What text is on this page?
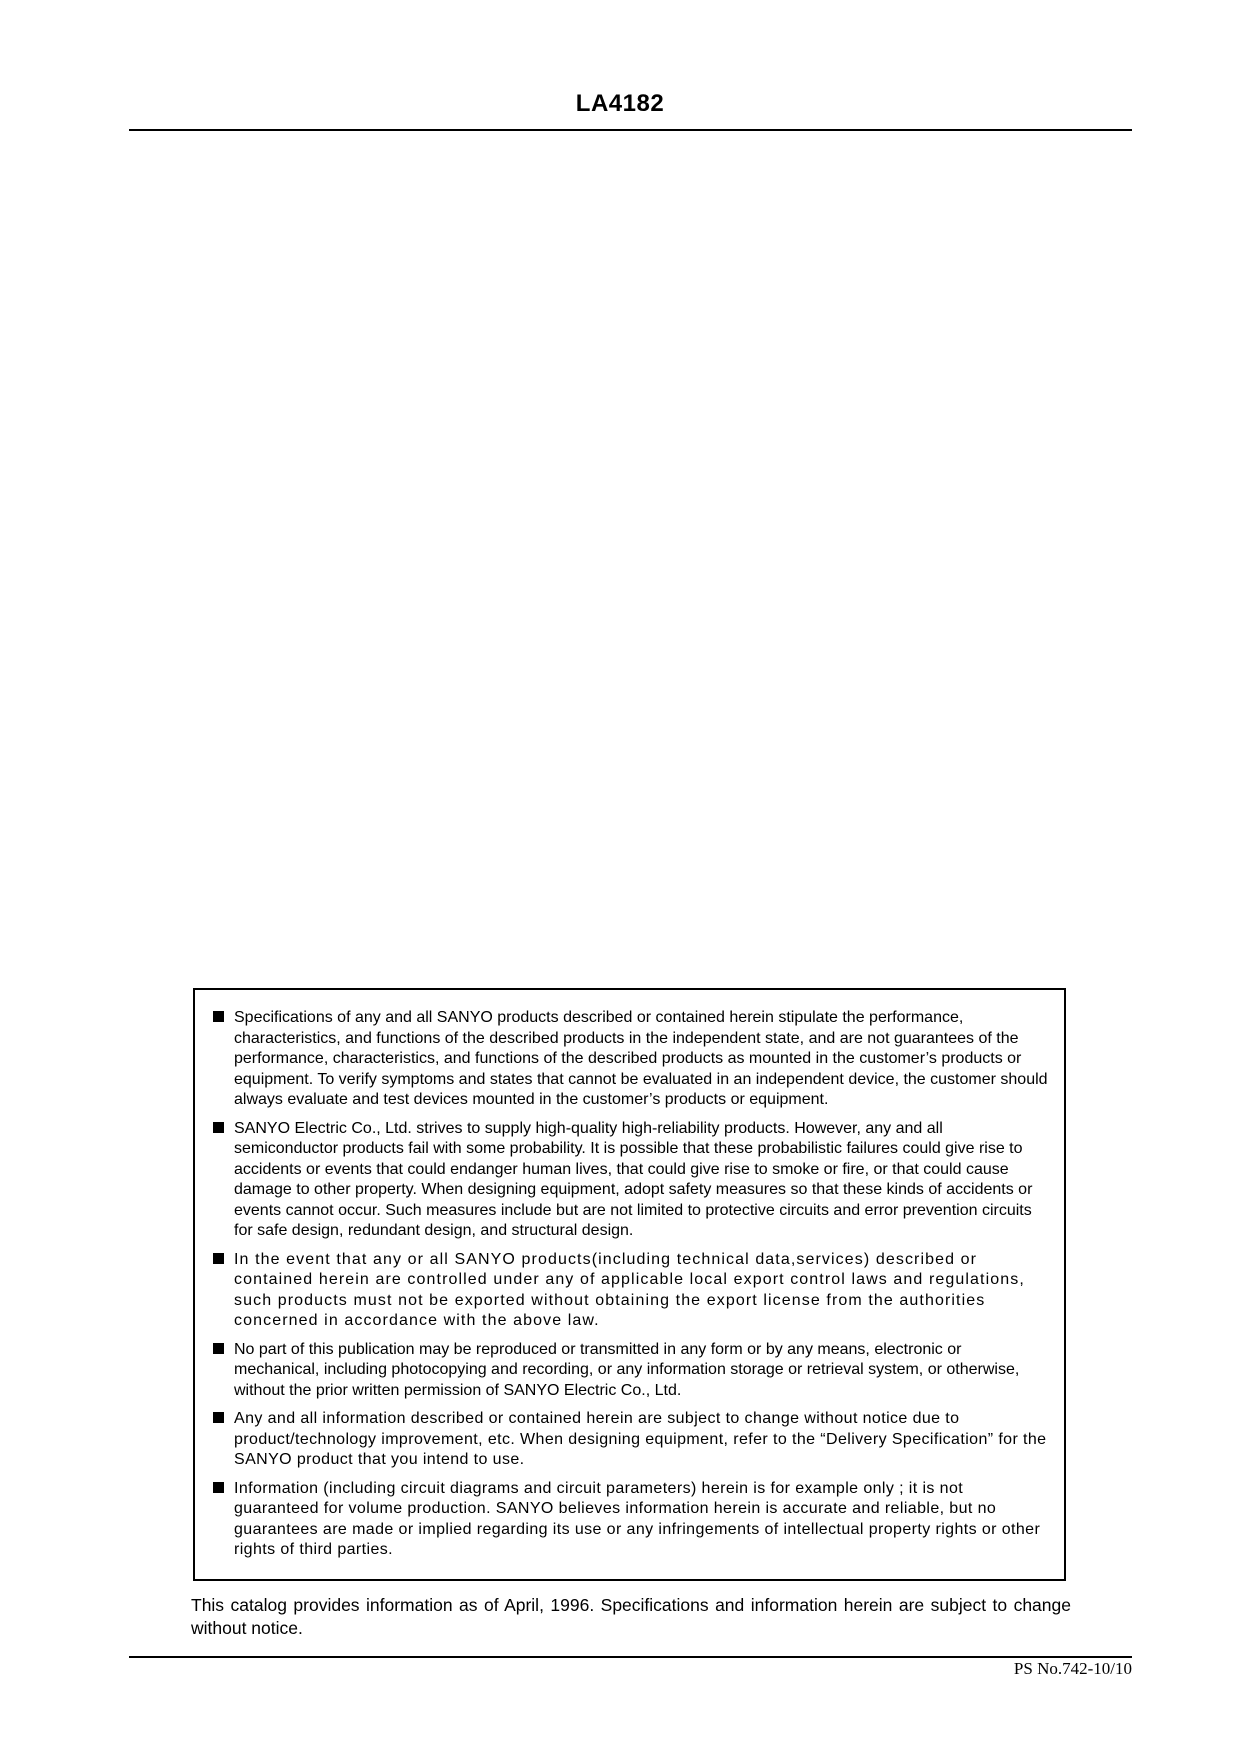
LA4182
Specifications of any and all SANYO products described or contained herein stipulate the performance, characteristics, and functions of the described products in the independent state, and are not guarantees of the performance, characteristics, and functions of the described products as mounted in the customer’s products or equipment. To verify symptoms and states that cannot be evaluated in an independent device, the customer should always evaluate and test devices mounted in the customer’s products or equipment.
SANYO Electric Co., Ltd. strives to supply high-quality high-reliability products. However, any and all semiconductor products fail with some probability. It is possible that these probabilistic failures could give rise to accidents or events that could endanger human lives, that could give rise to smoke or fire, or that could cause damage to other property. When designing equipment, adopt safety measures so that these kinds of accidents or events cannot occur. Such measures include but are not limited to protective circuits and error prevention circuits for safe design, redundant design, and structural design.
In the event that any or all SANYO products(including technical data,services) described or contained herein are controlled under any of applicable local export control laws and regulations, such products must not be exported without obtaining the export license from the authorities concerned in accordance with the above law.
No part of this publication may be reproduced or transmitted in any form or by any means, electronic or mechanical, including photocopying and recording, or any information storage or retrieval system, or otherwise, without the prior written permission of SANYO Electric Co., Ltd.
Any and all information described or contained herein are subject to change without notice due to product/technology improvement, etc. When designing equipment, refer to the “Delivery Specification” for the SANYO product that you intend to use.
Information (including circuit diagrams and circuit parameters) herein is for example only ; it is not guaranteed for volume production. SANYO believes information herein is accurate and reliable, but no guarantees are made or implied regarding its use or any infringements of intellectual property rights or other rights of third parties.
This catalog provides information as of April, 1996. Specifications and information herein are subject to change without notice.
PS No.742-10/10
